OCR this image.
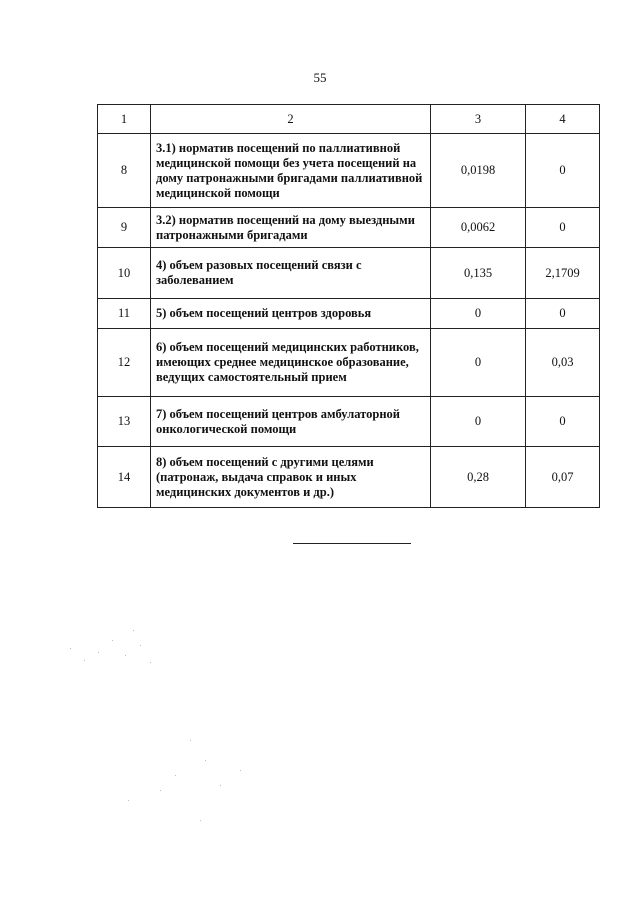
55
1	2	3	4
8	3.1) норматив посещений по паллиативной медицинской помощи без учета посещений на дому патронажными бригадами паллиативной медицинской помощи	0,0198	0
9	3.2) норматив посещений на дому выездными патронажными бригадами	0,0062	0
10	4) объем разовых посещений связи с заболеванием	0,135	2,1709
11	5) объем посещений центров здоровья	0	0
12	6) объем посещений медицинских работников, имеющих среднее медицинское образование, ведущих самостоятельный прием	0	0,03
13	7) объем посещений центров амбулаторной онкологической помощи	0	0
14	8) объем посещений с другими целями (патронаж, выдача справок и иных медицинских документов и др.)	0,28	0,07
